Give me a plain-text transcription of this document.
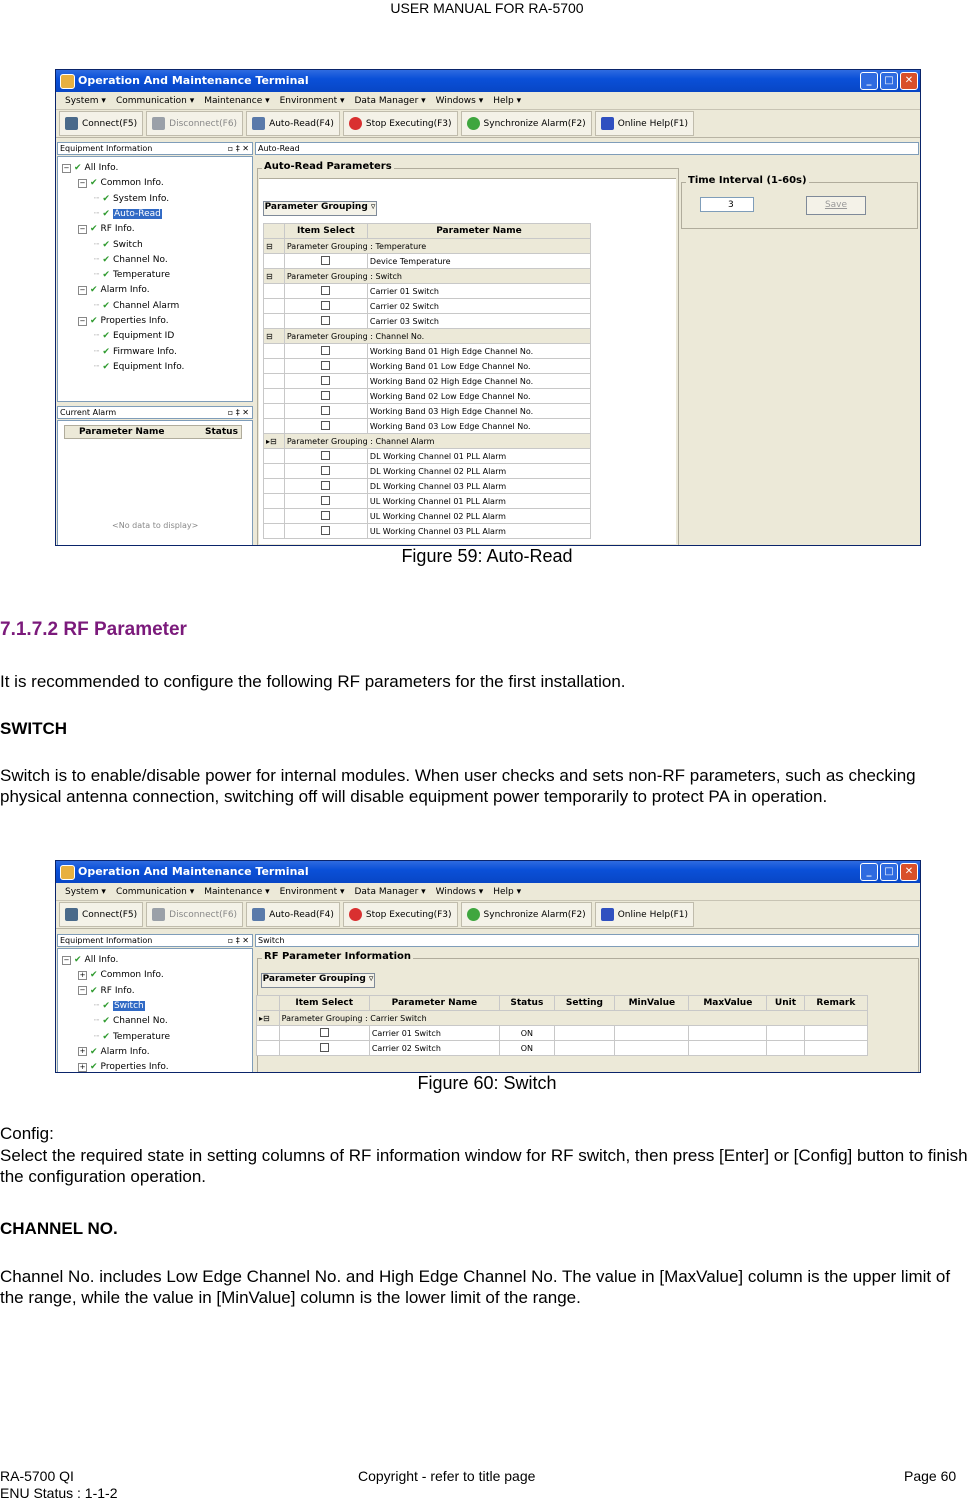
USER MANUAL FOR RA-5700
Operation And Maintenance Terminal	_	□	✕
System ▾	Communication ▾	Maintenance ▾	Environment ▾	Data Manager ▾	Windows ▾	Help ▾
Connect(F5)	Disconnect(F6)	Auto-Read(F4)	Stop Executing(F3)	Synchronize Alarm(F2)	Online Help(F1)
Equipment Information	▫ ‡ ✕
− ✔ All Info.
− ✔ Common Info.
┈ ✔ System Info.
┈ ✔ Auto-Read
− ✔ RF Info.
┈ ✔ Switch
┈ ✔ Channel No.
┈ ✔ Temperature
− ✔ Alarm Info.
┈ ✔ Channel Alarm
− ✔ Properties Info.
┈ ✔ Equipment ID
┈ ✔ Firmware Info.
┈ ✔ Equipment Info.
Current Alarm	▫ ‡ ✕
Parameter Name	Status
<No data to display>
Auto-Read
Auto-Read Parameters
Parameter Grouping ▿
	Item Select	Parameter Name
⊟	Parameter Grouping : Temperature	
		Device Temperature
⊟	Parameter Grouping : Switch	
		Carrier 01 Switch
		Carrier 02 Switch
		Carrier 03 Switch
⊟	Parameter Grouping : Channel No.	
		Working Band 01 High Edge Channel No.
		Working Band 01 Low Edge Channel No.
		Working Band 02 High Edge Channel No.
		Working Band 02 Low Edge Channel No.
		Working Band 03 High Edge Channel No.
		Working Band 03 Low Edge Channel No.
▸⊟	Parameter Grouping : Channel Alarm	
		DL Working Channel 01 PLL Alarm
		DL Working Channel 02 PLL Alarm
		DL Working Channel 03 PLL Alarm
		UL Working Channel 01 PLL Alarm
		UL Working Channel 02 PLL Alarm
		UL Working Channel 03 PLL Alarm
Time Interval (1-60s)
3	Save
Figure 59: Auto-Read
7.1.7.2 RF Parameter

It is recommended to configure the following RF parameters for the first installation.

SWITCH

Switch is to enable/disable power for internal modules. When user checks and sets non-RF parameters, such as checking physical antenna connection, switching off will disable equipment power temporarily to protect PA in operation.

Operation And Maintenance Terminal	_	□	✕
System ▾	Communication ▾	Maintenance ▾	Environment ▾	Data Manager ▾	Windows ▾	Help ▾
Connect(F5)	Disconnect(F6)	Auto-Read(F4)	Stop Executing(F3)	Synchronize Alarm(F2)	Online Help(F1)
Equipment Information	▫ ‡ ✕
− ✔ All Info.
+ ✔ Common Info.
− ✔ RF Info.
┈ ✔ Switch
┈ ✔ Channel No.
┈ ✔ Temperature
+ ✔ Alarm Info.
+ ✔ Properties Info.
Switch
RF Parameter Information
Parameter Grouping ▿
	Item Select	Parameter Name	Status	Setting	MinValue	MaxValue	Unit	Remark
▸⊟	Parameter Grouping : Carrier Switch							
		Carrier 01 Switch	ON					
		Carrier 02 Switch	ON					
Figure 60: Switch

Config:

Select the required state in setting columns of RF information window for RF switch, then press [Enter] or [Config] button to finish the configuration operation.

CHANNEL NO.

Channel No. includes Low Edge Channel No. and High Edge Channel No. The value in [MaxValue] column is the upper limit of the range, while the value in [MinValue] column is the lower limit of the range.

RA-5700 QI
ENU Status : 1-1-2
Copyright - refer to title page	Page 60
